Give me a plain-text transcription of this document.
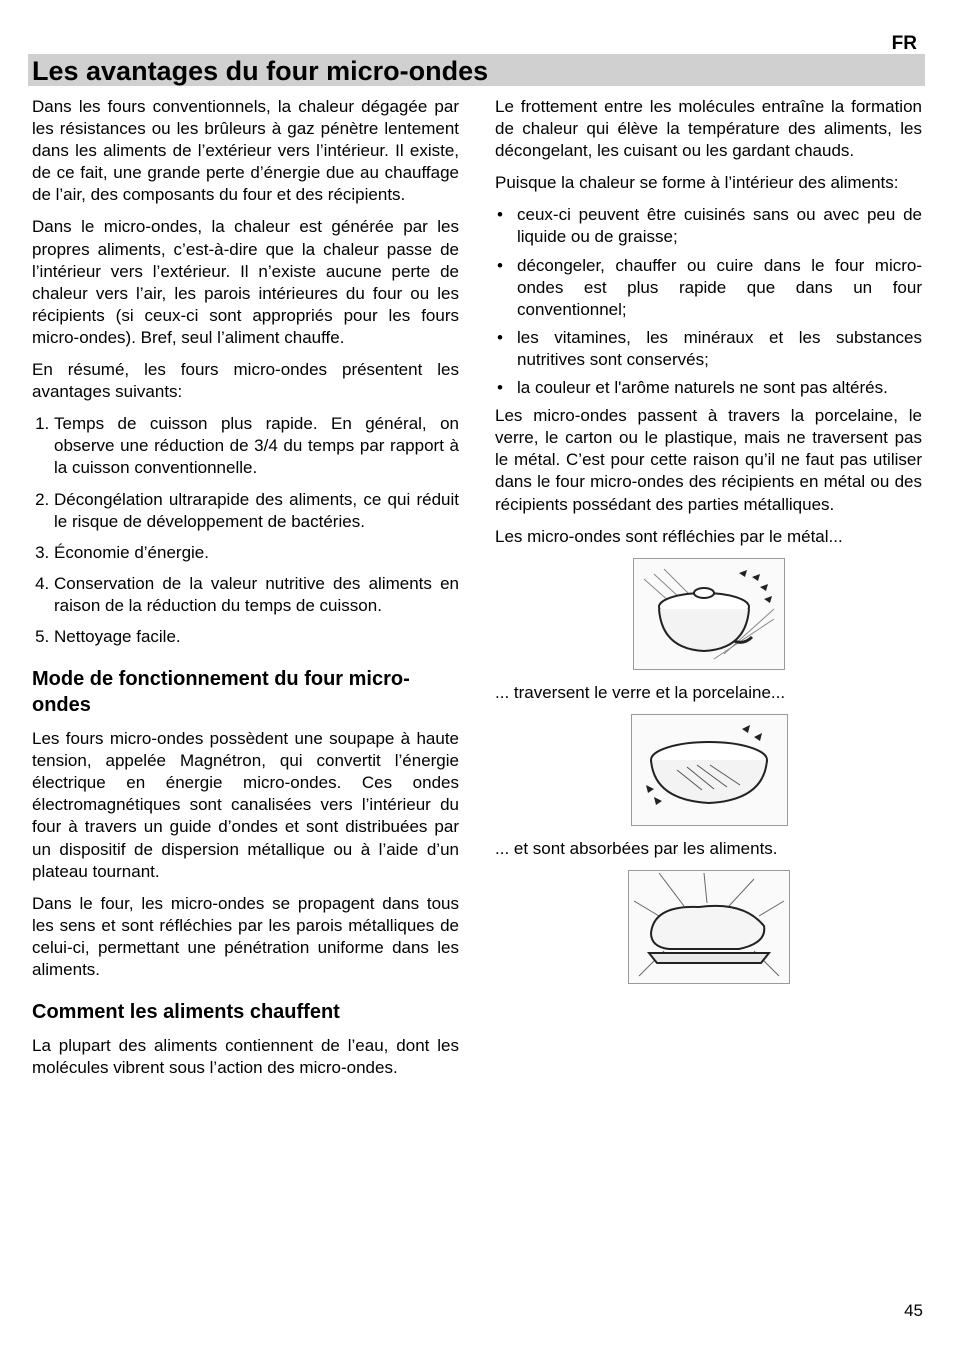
FR
Les avantages du four micro-ondes

Dans les fours conventionnels, la chaleur dégagée par les résistances ou les brûleurs à gaz pénètre lentement dans les aliments de l’extérieur vers l’intérieur. Il existe, de ce fait, une grande perte d’énergie due au chauffage de l’air, des composants du four et des récipients.

Dans le micro-ondes, la chaleur est générée par les propres aliments, c’est-à-dire que la chaleur passe de l’intérieur vers l’extérieur. Il n’existe aucune perte de chaleur vers l’air, les parois intérieures du four ou les récipients (si ceux-ci sont appropriés pour les fours micro-ondes). Bref, seul l’aliment chauffe.

En résumé, les fours micro-ondes présentent les avantages suivants:

1. Temps de cuisson plus rapide. En général, on observe une réduction de 3/4 du temps par rapport à la cuisson conventionnelle.
2. Décongélation ultrarapide des aliments, ce qui réduit le risque de développement de bactéries.
3. Économie d’énergie.
4. Conservation de la valeur nutritive des aliments en raison de la réduction du temps de cuisson.
5. Nettoyage facile.
Mode de fonctionnement du four micro-ondes

Les fours micro-ondes possèdent une soupape à haute tension, appelée Magnétron, qui convertit l’énergie électrique en énergie micro-ondes. Ces ondes électromagnétiques sont canalisées vers l’intérieur du four à travers un guide d’ondes et sont distribuées par un dispositif de dispersion métallique ou à l’aide d’un plateau tournant.

Dans le four, les micro-ondes se propagent dans tous les sens et sont réfléchies par les parois métalliques de celui-ci, permettant une pénétration uniforme dans les aliments.

Comment les aliments chauffent

La plupart des aliments contiennent de l’eau, dont les molécules vibrent sous l’action des micro-ondes.

Le frottement entre les molécules entraîne la formation de chaleur qui élève la température des aliments, les décongelant, les cuisant ou les gardant chauds.

Puisque la chaleur se forme à l’intérieur des aliments:

• ceux-ci peuvent être cuisinés sans ou avec peu de liquide ou de graisse;
• décongeler, chauffer ou cuire dans le four micro-ondes est plus rapide que dans un four conventionnel;
• les vitamines, les minéraux et les substances nutritives sont conservés;
• la couleur et l'arôme naturels ne sont pas altérés.

Les micro-ondes passent à travers la porcelaine, le verre, le carton ou le plastique, mais ne traversent pas le métal. C’est pour cette raison qu’il ne faut pas utiliser dans le four micro-ondes des récipients en métal ou des récipients possédant des parties métalliques.

Les micro-ondes sont réfléchies par le métal...

... traversent le verre et la porcelaine...

... et sont absorbées par les aliments.

45
